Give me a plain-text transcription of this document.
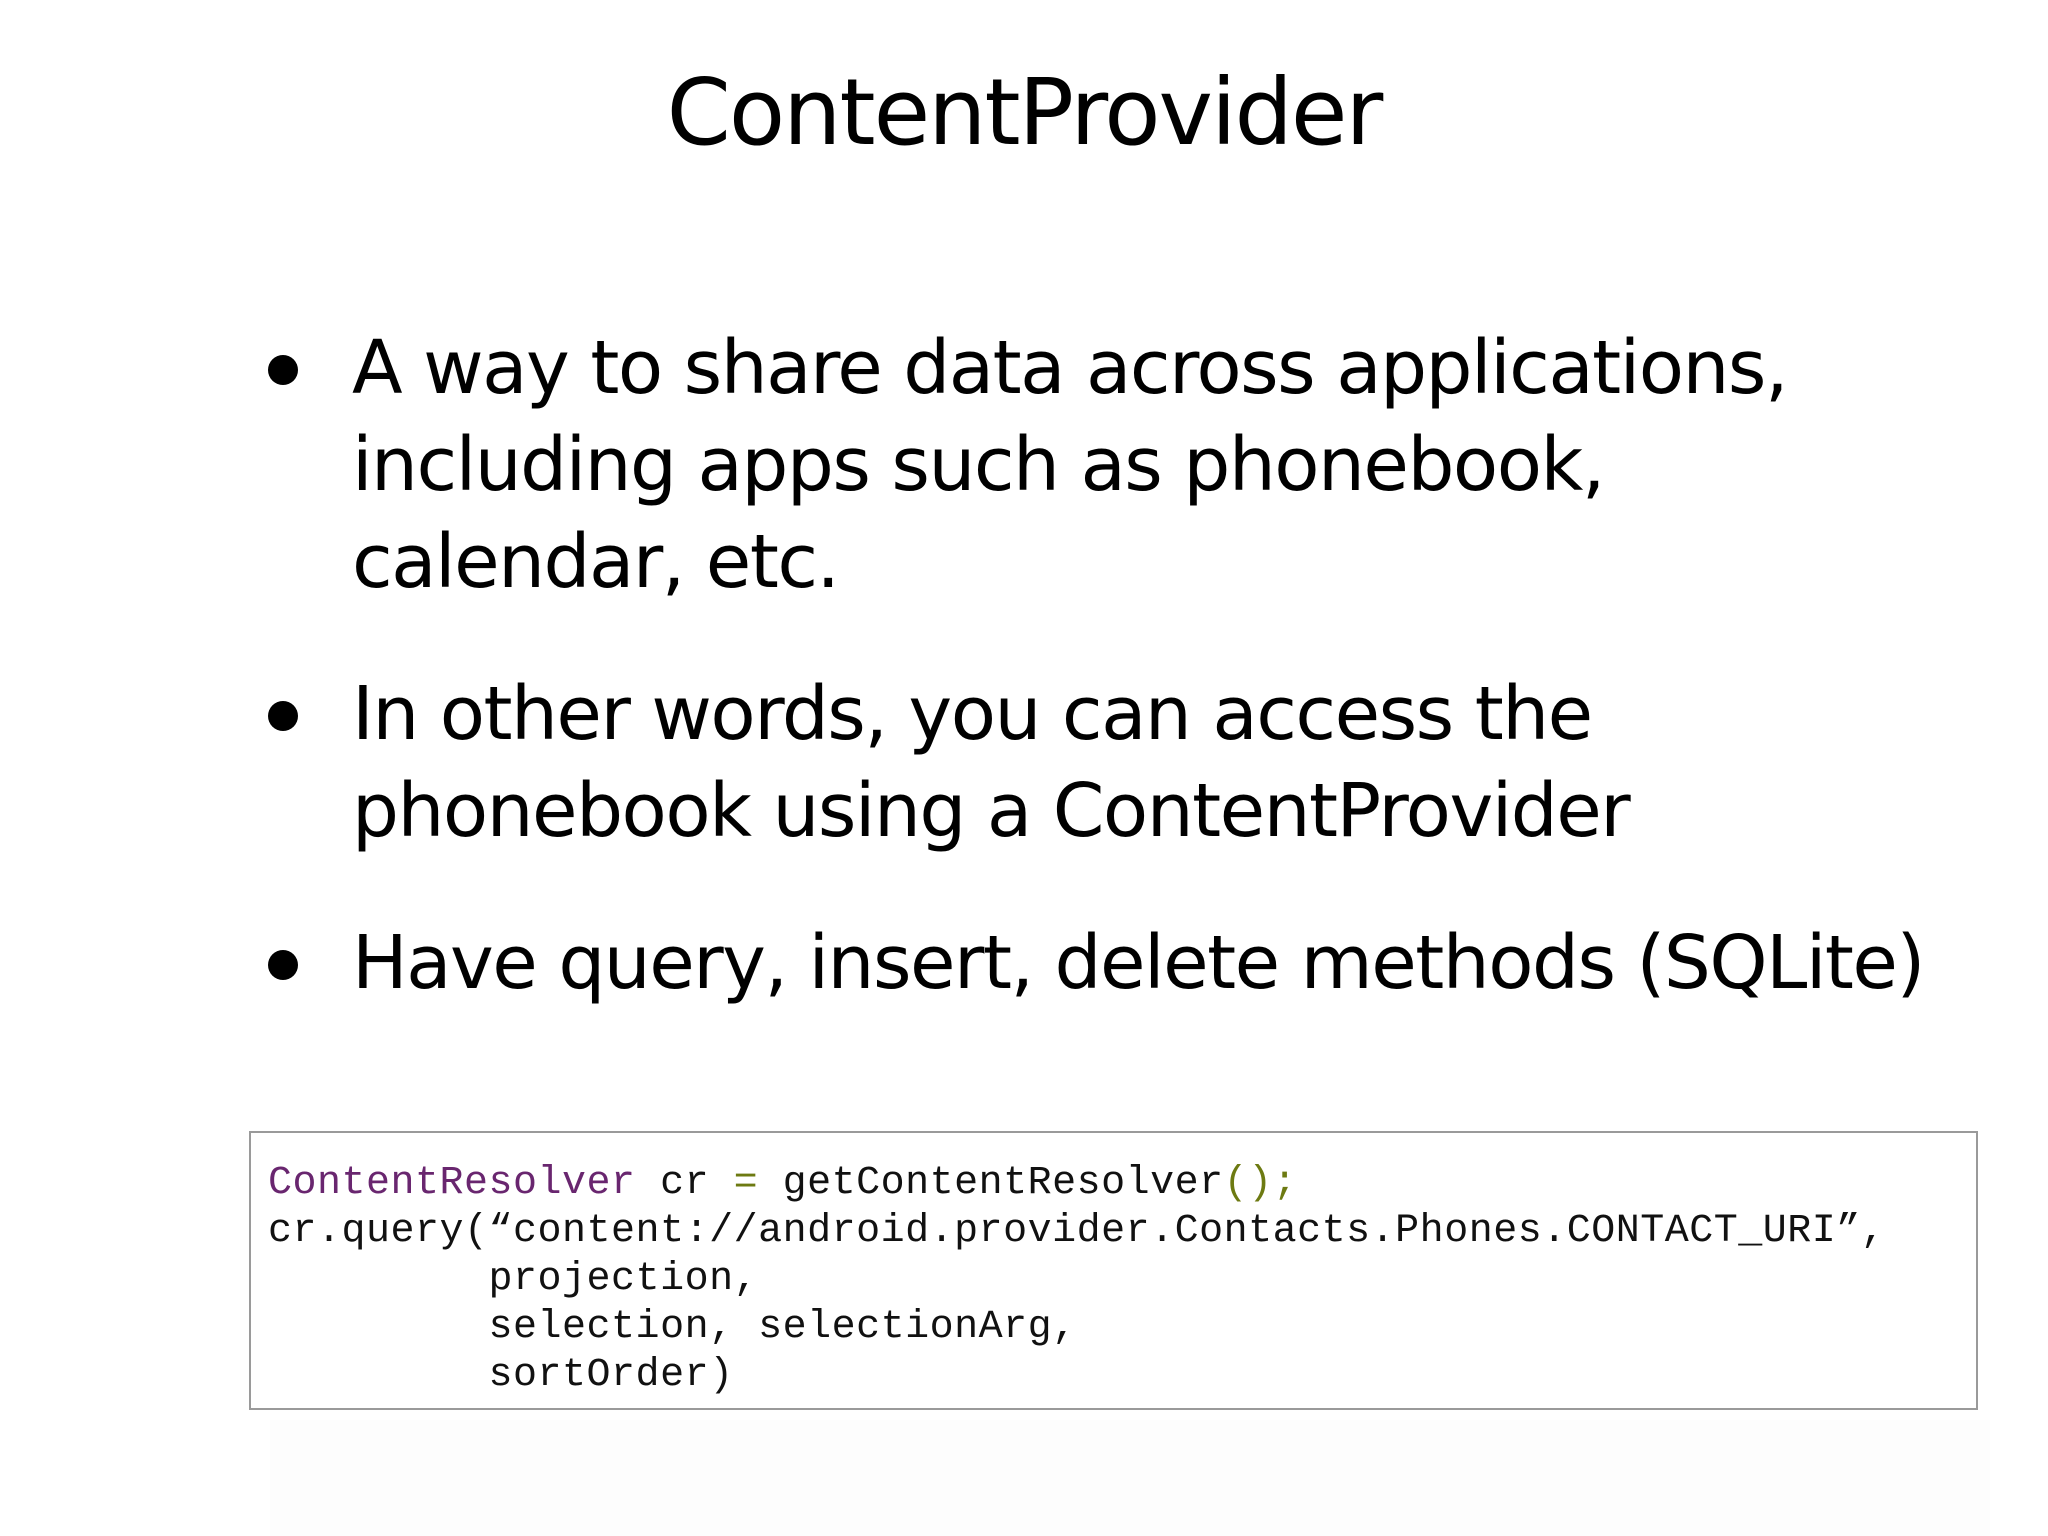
ContentProvider
A way to share data across applications, including apps such as phonebook, calendar, etc.
In other words, you can access the phonebook using a ContentProvider
Have query, insert, delete methods (SQLite)
ContentResolver cr = getContentResolver();
cr.query(“content://android.provider.Contacts.Phones.CONTACT_URI”,
projection,
selection, selectionArg,
sortOrder)
